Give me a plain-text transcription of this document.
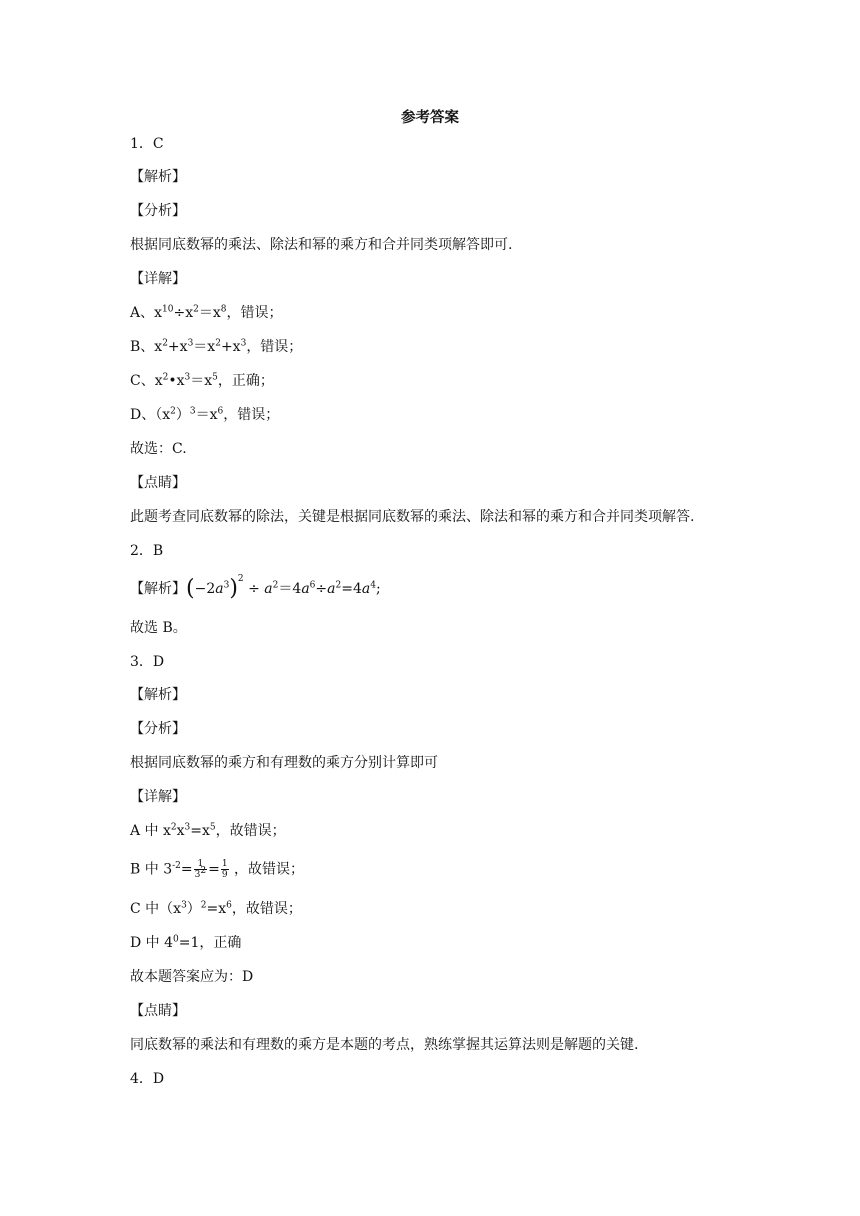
参考答案
1．C
【解析】
【分析】
根据同底数幂的乘法、除法和幂的乘方和合并同类项解答即可.
【详解】
A、$x^{10}\div x^2=x^8$，错误；
B、$x^2+x^3=x^2+x^3$，错误；
C、$x^2•x^3=x^5$，正确；
D、$(x^2)^3=x^6$，错误；
故选：C.
【点睛】
此题考查同底数幂的除法，关键是根据同底数幂的乘法、除法和幂的乘方和合并同类项解答.
2．B
【解析】$(-2a^3)^2 \div a^2=4a^6\div a^2=4a^4$;
故选 B。
3．D
【解析】
【分析】
根据同底数幂的乘方和有理数的乘方分别计算即可
【详解】
A 中 $x^2x^3=x^5$，故错误；
B 中 $3^{-2}= \frac{1}{3^2} = \frac{1}{9}$ ，故错误；
C 中$(x^3)^2=x^6$，故错误；
D 中 $4^0=1$，正确
故本题答案应为：D
【点睛】
同底数幂的乘法和有理数的乘方是本题的考点，熟练掌握其运算法则是解题的关键.
4．D
